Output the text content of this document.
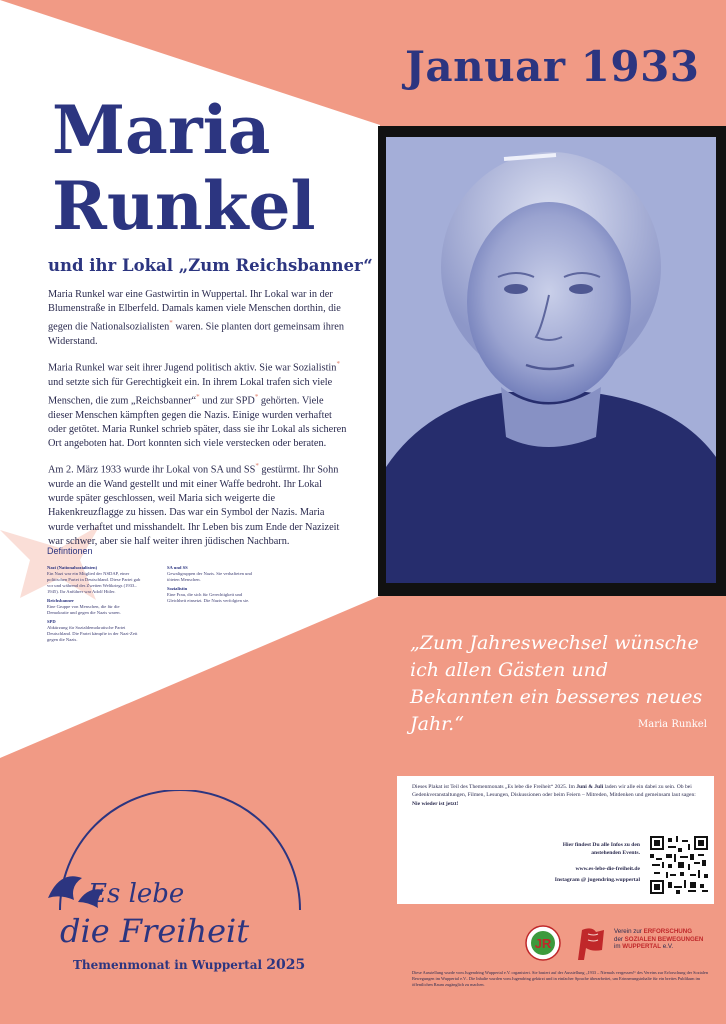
Januar 1933
Maria
Runkel
und ihr Lokal „Zum Reichsbanner“

Maria Runkel war eine Gastwirtin in Wuppertal. Ihr Lokal war in der Blumenstraße in Elberfeld. Damals kamen viele Menschen dorthin, die gegen die Nationalsozialisten* waren. Sie planten dort gemeinsam ihren Widerstand.

Maria Runkel war seit ihrer Jugend politisch aktiv. Sie war Sozialistin* und setzte sich für Gerechtigkeit ein. In ihrem Lokal trafen sich viele Menschen, die zum „Reichsbanner“* und zur SPD* gehörten. Viele dieser Menschen kämpften gegen die Nazis. Einige wurden verhaftet oder getötet. Maria Runkel schrieb später, dass sie ihr Lokal als sicheren Ort angeboten hat. Dort konnten sich viele verstecken oder beraten.

Am 2. März 1933 wurde ihr Lokal von SA und SS* gestürmt. Ihr Sohn wurde an die Wand gestellt und mit einer Waffe bedroht. Ihr Lokal wurde später geschlossen, weil Maria sich weigerte die Hakenkreuzflagge zu hissen. Das war ein Symbol der Nazis. Maria wurde verhaftet und misshandelt. Ihr Leben bis zum Ende der Nazizeit war schwer, aber sie half weiter ihren jüdischen Nachbarn.

Defintionen
Nazi (Nationalsozialisten)
Ein Nazi war ein Mitglied der NSDAP, einer politischen Partei in Deutschland. Diese Partei gab vor und während des Zweiten Weltkriegs (1933–1945). Ihr Anführer war Adolf Hitler.
Reichsbanner
Eine Gruppe von Menschen, die für die Demokratie und gegen die Nazis waren.
SPD
Abkürzung für Sozialdemokratische Partei Deutschland. Die Partei kämpfte in der Nazi-Zeit gegen die Nazis.
SA und SS
Gewaltgruppen der Nazis. Sie verhafteten und töteten Menschen.
Sozialistin
Eine Frau, die sich für Gerechtigkeit und Gleichheit einsetzt. Die Nazis verfolgten sie.
„Zum Jahreswechsel wünsche ich allen Gästen und Bekannten ein besseres neues Jahr.“	Maria Runkel
Dieses Plakat ist Teil des Themenmonats „Es lebe die Freiheit“ 2025. Im Juni & Juli laden wir alle ein dabei zu sein. Ob bei Gedenkveranstaltungen, Filmen, Lesungen, Diskussionen oder beim Feiern – Mitreden, Mitdenken und gemeinsam laut sagen:
Nie wieder ist jetzt!
Hier findest Du alle Infos zu den
anstehenden Events.
www.es-lebe-die-freiheit.de
Instagram @ jugendring.wuppertal
Es lebe
die Freiheit
Themenmonat in Wuppertal 2025
JR
Verein zur ERFORSCHUNG
der SOZIALEN BEWEGUNGEN
im WUPPERTAL e.V.
Diese Ausstellung wurde vom Jugendring Wuppertal e.V. organisiert. Sie basiert auf der Ausstellung „1933 – Niemals vergessen!“ des Vereins zur Erforschung der Sozialen Bewegungen im Wuppertal e.V.. Die Inhalte wurden vom Jugendring gekürzt und in einfacher Sprache überarbeitet, um Erinnerungsinhalte für ein breites Publikum im öffentlichen Raum zugänglich zu machen.
